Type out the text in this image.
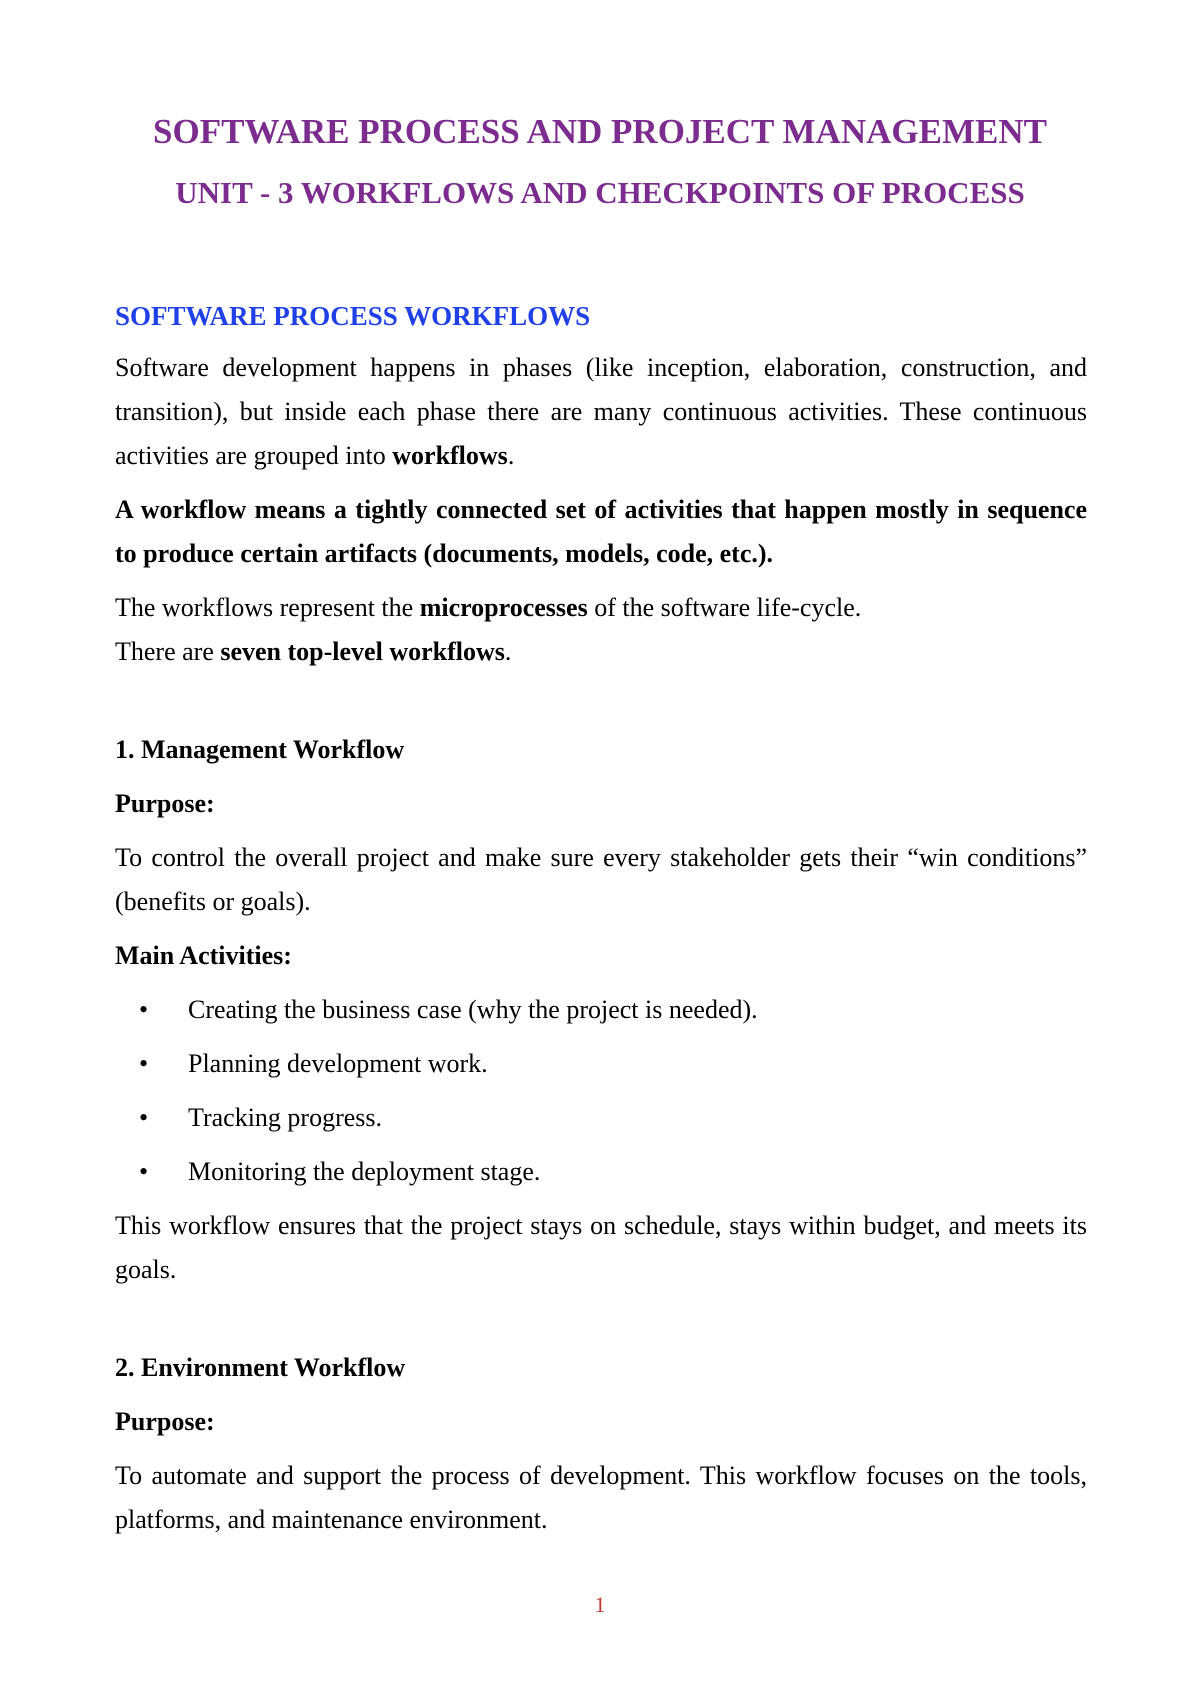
SOFTWARE PROCESS AND PROJECT MANAGEMENT
UNIT - 3 WORKFLOWS AND CHECKPOINTS OF PROCESS
SOFTWARE PROCESS WORKFLOWS

Software development happens in phases (like inception, elaboration, construction, and transition), but inside each phase there are many continuous activities. These continuous activities are grouped into workflows.

A workflow means a tightly connected set of activities that happen mostly in sequence to produce certain artifacts (documents, models, code, etc.).

The workflows represent the microprocesses of the software life-cycle.

There are seven top-level workflows.

1. Management Workflow
Purpose:

To control the overall project and make sure every stakeholder gets their “win conditions” (benefits or goals).

Main Activities:
• Creating the business case (why the project is needed).
• Planning development work.
• Tracking progress.
• Monitoring the deployment stage.

This workflow ensures that the project stays on schedule, stays within budget, and meets its goals.

2. Environment Workflow
Purpose:

To automate and support the process of development. This workflow focuses on the tools, platforms, and maintenance environment.

1
